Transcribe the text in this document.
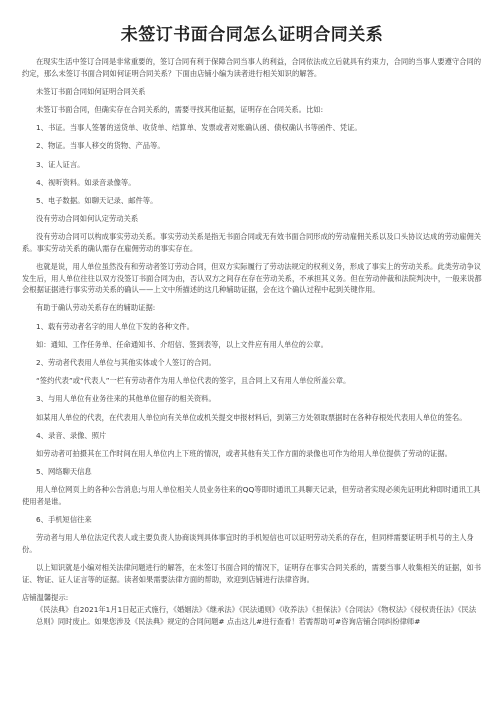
未签订书面合同怎么证明合同关系

在现实生活中签订合同是非常重要的，签订合同有利于保障合同当事人的利益，合同依法成立后就具有约束力，合同的当事人要遵守合同的约定，那么未签订书面合同如何证明合同关系？下面由店铺小编为读者进行相关知识的解答。

未签订书面合同如何证明合同关系

未签订书面合同，但确实存在合同关系的，需要寻找其他证据，证明存在合同关系。比如:

1、书证。当事人签署的送货单、收货单、结算单、发票或者对账确认函、债权确认书等函件、凭证。

2、物证。当事人移交的货物、产品等。

3、证人证言。

4、视听资料。如录音录像等。

5、电子数据。如聊天记录、邮件等。

没有劳动合同如何认定劳动关系

没有劳动合同可以构成事实劳动关系。事实劳动关系是指无书面合同或无有效书面合同形成的劳动雇佣关系以及口头协议达成的劳动雇佣关系。事实劳动关系的确认需存在雇佣劳动的事实存在。

也就是说，用人单位虽然没有和劳动者签订劳动合同，但双方实际履行了劳动法规定的权利义务，形成了事实上的劳动关系。此类劳动争议发生后，用人单位往往以双方没签订书面合同为由，否认双方之间存在存在劳动关系，不承担其义务。但在劳动仲裁和法院判决中，一般来说都会根据证据进行事实劳动关系的确认——上文中所描述的这几种辅助证据，会在这个确认过程中起到关键作用。

有助于确认劳动关系存在的辅助证据:

1、载有劳动者名字的用人单位下发的各种文件。

如：通知、工作任务单、任命通知书、介绍信、签到表等，以上文件应有用人单位的公章。

2、劳动者代表用人单位与其他实体或个人签订的合同。

“签约代表”或“代表人”一栏有劳动者作为用人单位代表的签字，且合同上又有用人单位所盖公章。

3、与用人单位有业务往来的其他单位留存的相关资料。

如某用人单位的代表，在代表用人单位向有关单位或机关提交申报材料后，到第三方处领取票据时在各种存根处代表用人单位的签名。

4、录音、录像、照片

如劳动者可拍摄其在工作时间在用人单位内上下班的情况，或者其他有关工作方面的录像也可作为给用人单位提供了劳动的证据。

5、网络聊天信息

用人单位网页上的各种公告消息;与用人单位相关人员业务往来的QQ等即时通讯工具聊天记录，但劳动者实现必须先证明此种即时通讯工具使用者是谁。

6、手机短信往来

劳动者与用人单位法定代表人或主要负责人协商谈判具体事宜时的手机短信也可以证明劳动关系的存在，但同样需要证明手机号的主人身份。

以上知识就是小编对相关法律问题进行的解答，在未签订书面合同的情况下，证明存在事实合同关系的，需要当事人收集相关的证据，如书证、物证、证人证言等的证据。读者如果需要法律方面的帮助，欢迎到店铺进行法律咨询。

店铺温馨提示:

《民法典》自2021年1月1日起正式施行，《婚姻法》《继承法》《民法通则》《收养法》《担保法》《合同法》《物权法》《侵权责任法》《民法总则》同时废止。如果您涉及《民法典》规定的合同问题# 点击这儿#进行查看！若需帮助可#咨询店铺合同纠纷律师#
